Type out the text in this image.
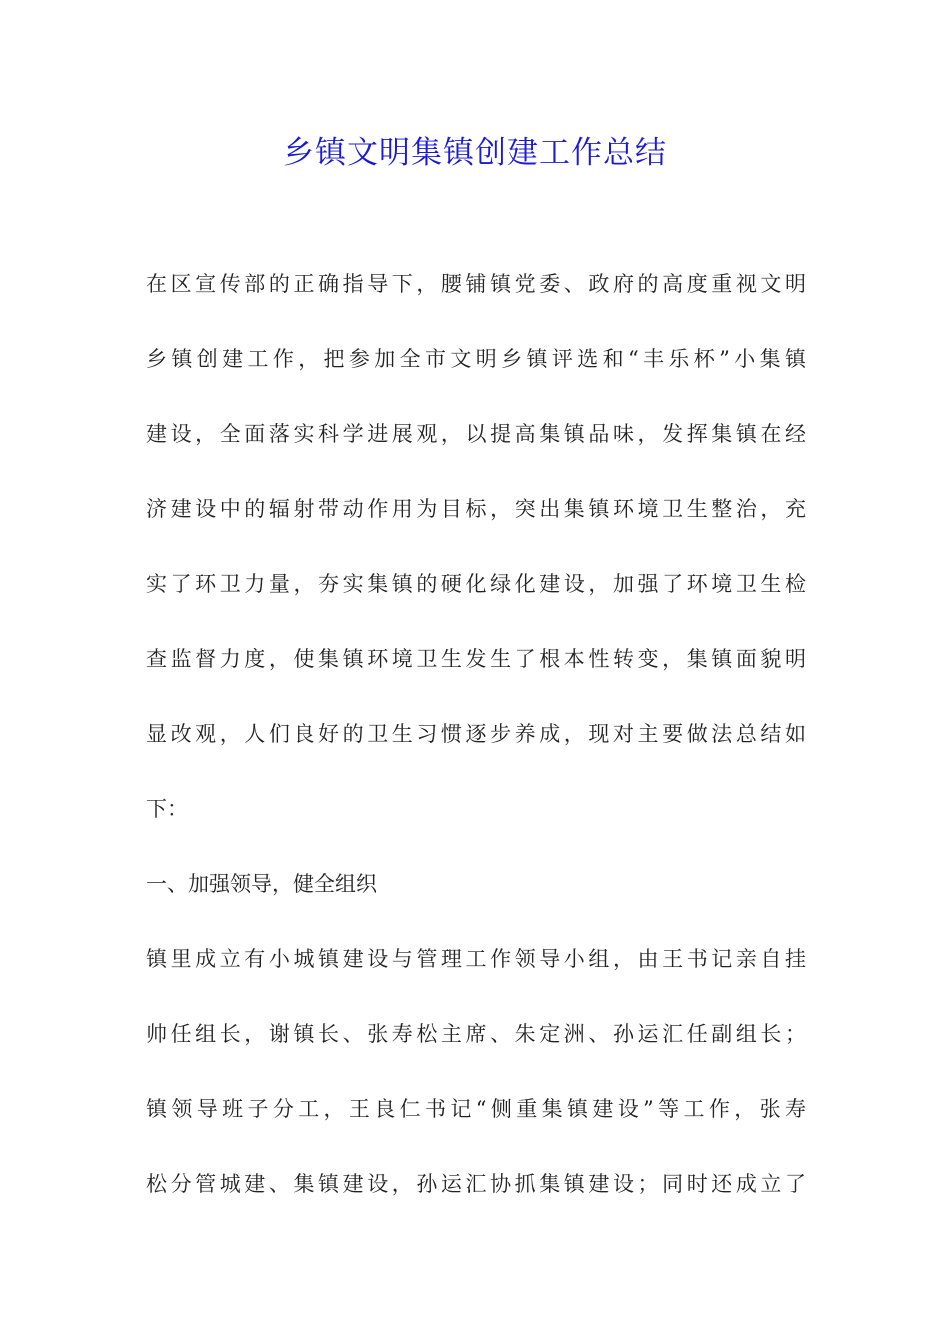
乡镇文明集镇创建工作总结

在区宣传部的正确指导下，腰铺镇党委、政府的高度重视文明

乡镇创建工作，把参加全市文明乡镇评选和“丰乐杯”小集镇

建设，全面落实科学进展观，以提高集镇品味，发挥集镇在经

济建设中的辐射带动作用为目标，突出集镇环境卫生整治，充

实了环卫力量，夯实集镇的硬化绿化建设，加强了环境卫生检

查监督力度，使集镇环境卫生发生了根本性转变，集镇面貌明

显改观，人们良好的卫生习惯逐步养成，现对主要做法总结如

下：

一、加强领导，健全组织

镇里成立有小城镇建设与管理工作领导小组，由王书记亲自挂

帅任组长，谢镇长、张寿松主席、朱定洲、孙运汇任副组长；

镇领导班子分工，王良仁书记“侧重集镇建设”等工作，张寿

松分管城建、集镇建设，孙运汇协抓集镇建设；同时还成立了
